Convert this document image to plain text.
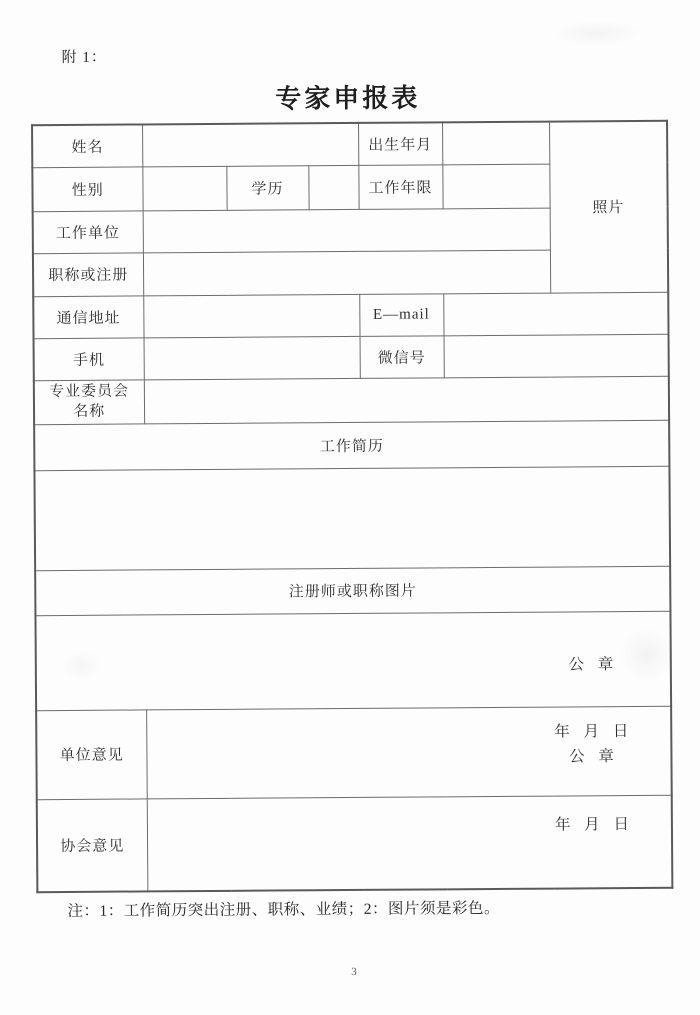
附 1：
专家申报表
姓名				出生年月		照片
性别		学历		工作年限		
工作单位						
职称或注册						
通信地址				E—mail		
手机				微信号		

专业委员会
名称						

工作简历						

注册师或职称图片						

单位意见	公  章

年  月  日					

协会意见	公  章

年  月  日					

注：1：工作简历突出注册、职称、业绩；2：图片须是彩色。
3
